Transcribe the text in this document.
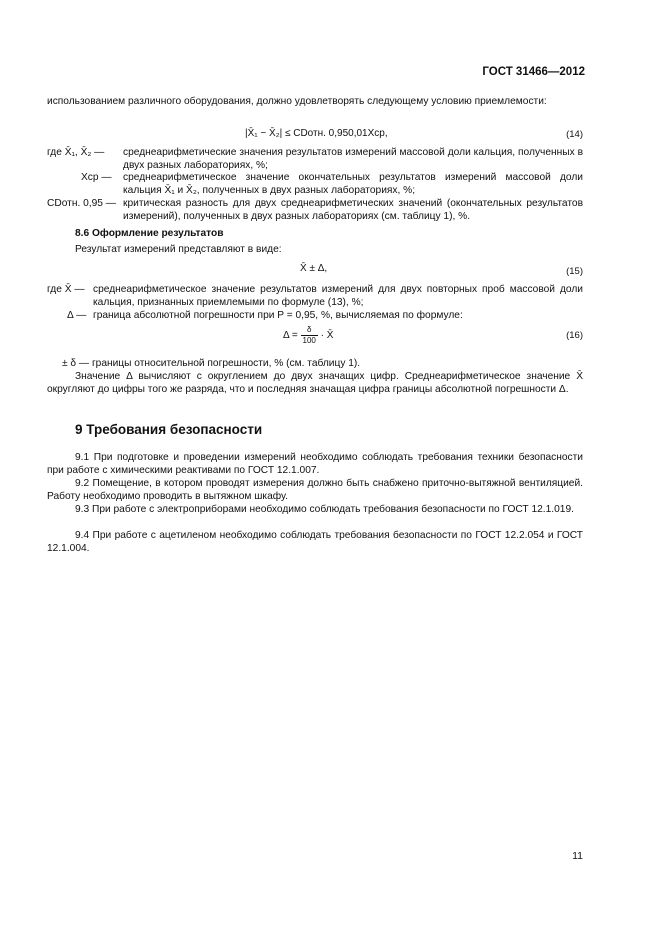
ГОСТ 31466—2012
использованием различного оборудования, должно удовлетворять следующему условию приемлемости:
|X̄₁ − X̄₂| ≤ CDотн. 0,950,01Xср,	(14)
где X̄₁, X̄₂ — среднеарифметические значения результатов измерений массовой доли кальция, полученных в двух разных лабораториях, %;
Xср — среднеарифметическое значение окончательных результатов измерений массовой доли кальция X̄₁ и X̄₂, полученных в двух разных лабораториях, %;
CDотн. 0,95 — критическая разность для двух среднеарифметических значений (окончательных результатов измерений), полученных в двух разных лабораториях (см. таблицу 1), %.
8.6 Оформление результатов
Результат измерений представляют в виде:
X̄ ± Δ,	(15)
где X̄ — среднеарифметическое значение результатов измерений для двух повторных проб массовой доли кальция, признанных приемлемыми по формуле (13), %;
Δ — граница абсолютной погрешности при P = 0,95, %, вычисляемая по формуле:
$\Delta = \frac{\delta}{100}$ · X̄	(16)
± δ — границы относительной погрешности, % (см. таблицу 1).
Значение Δ вычисляют с округлением до двух значащих цифр. Среднеарифметическое значение X̄ округляют до цифры того же разряда, что и последняя значащая цифра границы абсолютной погрешности Δ.
9 Требования безопасности
9.1 При подготовке и проведении измерений необходимо соблюдать требования техники безопасности при работе с химическими реактивами по ГОСТ 12.1.007.
9.2 Помещение, в котором проводят измерения должно быть снабжено приточно-вытяжной вентиляцией. Работу необходимо проводить в вытяжном шкафу.
9.3 При работе с электроприборами необходимо соблюдать требования безопасности по ГОСТ 12.1.019.
9.4 При работе с ацетиленом необходимо соблюдать требования безопасности по ГОСТ 12.2.054 и ГОСТ 12.1.004.
11
